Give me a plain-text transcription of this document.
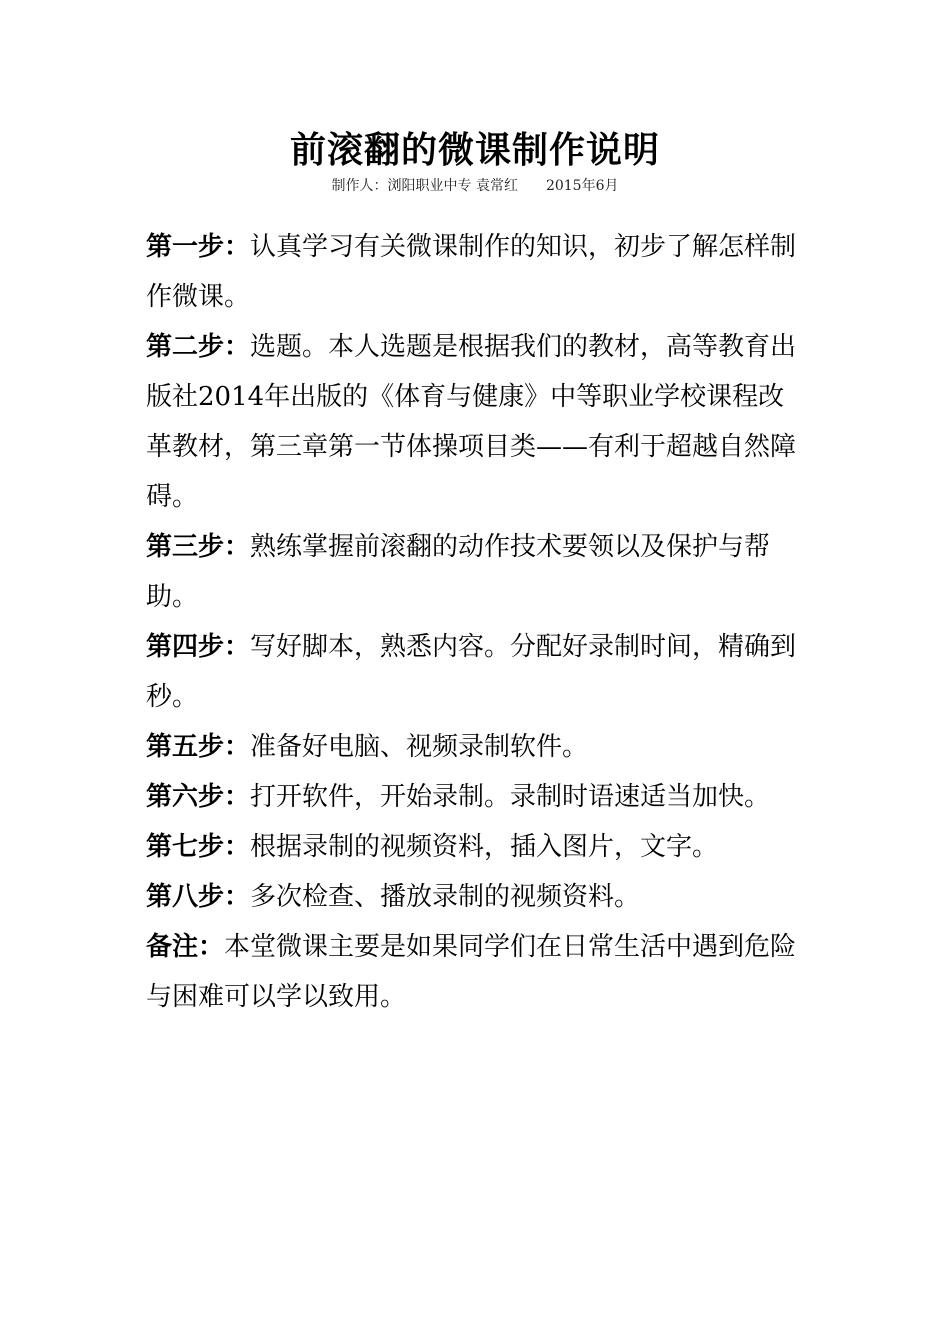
前滚翻的微课制作说明
制作人：浏阳职业中专 袁常红 2015年6月

第一步：认真学习有关微课制作的知识，初步了解怎样制作微课。

第二步：选题。本人选题是根据我们的教材，高等教育出版社2014年出版的《体育与健康》中等职业学校课程改革教材，第三章第一节体操项目类——有利于超越自然障碍。

第三步：熟练掌握前滚翻的动作技术要领以及保护与帮助。

第四步：写好脚本，熟悉内容。分配好录制时间，精确到秒。

第五步：准备好电脑、视频录制软件。

第六步：打开软件，开始录制。录制时语速适当加快。

第七步：根据录制的视频资料，插入图片，文字。

第八步：多次检查、播放录制的视频资料。

备注：本堂微课主要是如果同学们在日常生活中遇到危险与困难可以学以致用。
